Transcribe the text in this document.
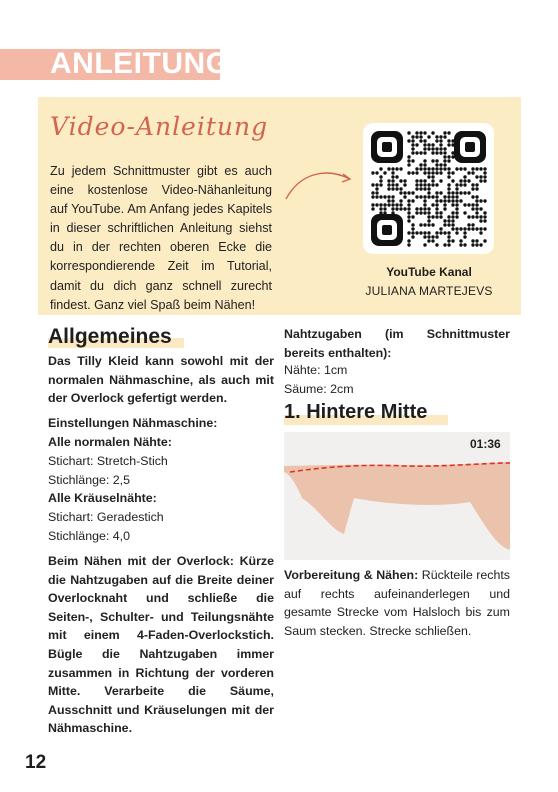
ANLEITUNG
Video-Anleitung
Zu jedem Schnittmuster gibt es auch eine kostenlose Video-Nähanleitung auf YouTube. Am Anfang jedes Kapitels in dieser schriftlichen Anleitung siehst du in der rechten oberen Ecke die korrespondierende Zeit im Tutorial, damit du dich ganz schnell zurecht findest. Ganz viel Spaß beim Nähen!
YouTube Kanal
JULIANA MARTEJEVS
Allgemeines
Das Tilly Kleid kann sowohl mit der normalen Nähmaschine, als auch mit der Overlock gefertigt werden.
Einstellungen Nähmaschine:
Alle normalen Nähte:
Stichart: Stretch-Stich
Stichlänge: 2,5
Alle Kräuselnähte:
Stichart: Geradestich
Stichlänge: 4,0
Beim Nähen mit der Overlock: Kürze die Nahtzugaben auf die Breite deiner Overlocknaht und schließe die Seiten-, Schulter- und Teilungsnähte mit einem 4-Faden-Overlockstich. Bügle die Nahtzugaben immer zusammen in Richtung der vorderen Mitte. Verarbeite die Säume, Ausschnitt und Kräuselungen mit der Nähmaschine.
Nahtzugaben (im Schnittmuster bereits enthalten):
Nähte: 1cm
Säume: 2cm
1. Hintere Mitte
01:36
Vorbereitung & Nähen: Rückteile rechts auf rechts aufeinanderlegen und gesamte Strecke vom Halsloch bis zum Saum stecken. Strecke schließen.
12
